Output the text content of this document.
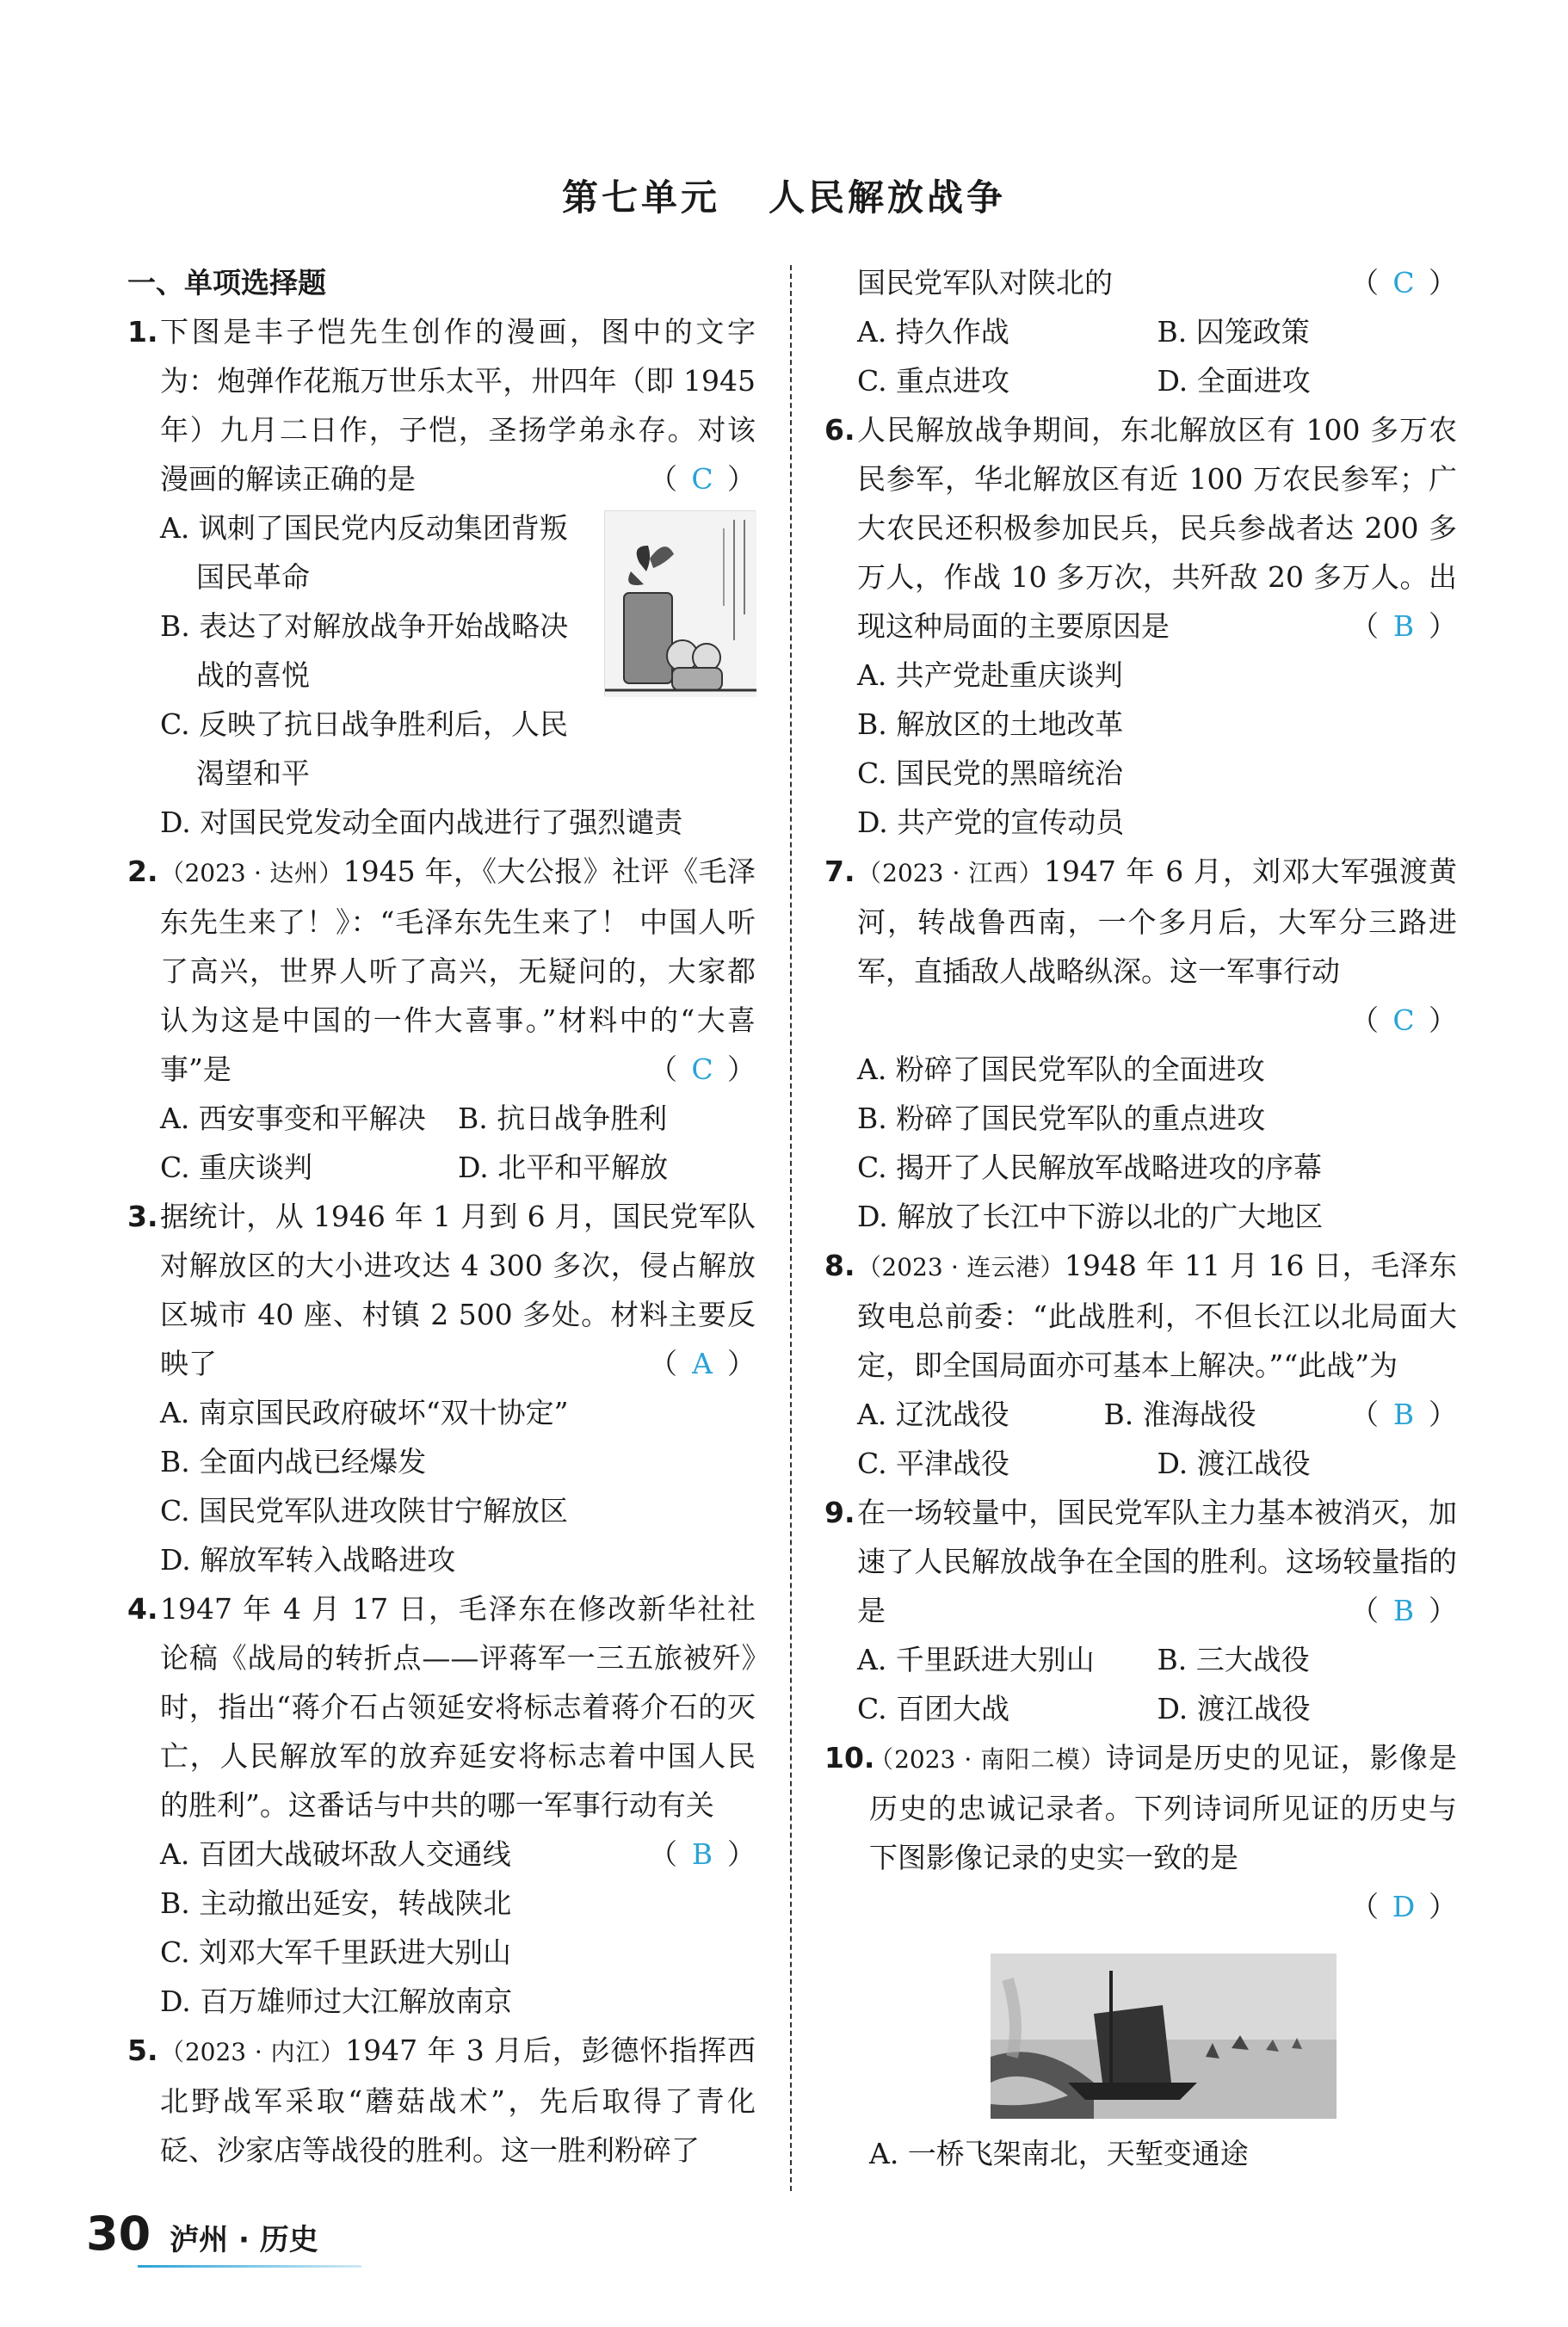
第七单元 人民解放战争
一、单项选择题
1. 下图是丰子恺先生创作的漫画，图中的文字为：炮弹作花瓶万世乐太平，卅四年（即 1945 年）九月二日作，子恺，圣扬学弟永存。对该漫画的解读正确的是	（ C ）
A. 讽刺了国民党内反动集团背叛国民革命
B. 表达了对解放战争开始战略决战的喜悦
C. 反映了抗日战争胜利后，人民渴望和平
D. 对国民党发动全面内战进行了强烈谴责
2. （2023 · 达州）1945 年，《大公报》社评《毛泽东先生来了！》：“毛泽东先生来了！ 中国人听了高兴，世界人听了高兴，无疑问的，大家都认为这是中国的一件大喜事。”材料中的“大喜事”是	（ C ）
A. 西安事变和平解决	B. 抗日战争胜利
C. 重庆谈判	D. 北平和平解放
3. 据统计，从 1946 年 1 月到 6 月，国民党军队对解放区的大小进攻达 4 300 多次，侵占解放区城市 40 座、村镇 2 500 多处。材料主要反映了	（ A ）
A. 南京国民政府破坏“双十协定”
B. 全面内战已经爆发
C. 国民党军队进攻陕甘宁解放区
D. 解放军转入战略进攻
4. 1947 年 4 月 17 日，毛泽东在修改新华社社论稿《战局的转折点——评蒋军一三五旅被歼》时，指出“蒋介石占领延安将标志着蒋介石的灭亡，人民解放军的放弃延安将标志着中国人民的胜利”。这番话与中共的哪一军事行动有关
（ B ）
A. 百团大战破坏敌人交通线
B. 主动撤出延安，转战陕北
C. 刘邓大军千里跃进大别山
D. 百万雄师过大江解放南京
5. （2023 · 内江）1947 年 3 月后，彭德怀指挥西北野战军采取“蘑菇战术”，先后取得了青化砭、沙家店等战役的胜利。这一胜利粉碎了
国民党军队对陕北的	（ C ）
A. 持久作战	B. 囚笼政策
C. 重点进攻	D. 全面进攻
6. 人民解放战争期间，东北解放区有 100 多万农民参军，华北解放区有近 100 万农民参军；广大农民还积极参加民兵，民兵参战者达 200 多万人，作战 10 多万次，共歼敌 20 多万人。出现这种局面的主要原因是	（ B ）
A. 共产党赴重庆谈判
B. 解放区的土地改革
C. 国民党的黑暗统治
D. 共产党的宣传动员
7. （2023 · 江西）1947 年 6 月，刘邓大军强渡黄河，转战鲁西南，一个多月后，大军分三路进军，直插敌人战略纵深。这一军事行动
（ C ）
A. 粉碎了国民党军队的全面进攻
B. 粉碎了国民党军队的重点进攻
C. 揭开了人民解放军战略进攻的序幕
D. 解放了长江中下游以北的广大地区
8. （2023 · 连云港）1948 年 11 月 16 日，毛泽东致电总前委：“此战胜利，不但长江以北局面大定，即全国局面亦可基本上解决。”“此战”为
（ B ）
A. 辽沈战役	B. 淮海战役
C. 平津战役	D. 渡江战役
9. 在一场较量中，国民党军队主力基本被消灭，加速了人民解放战争在全国的胜利。这场较量指的是	（ B ）
A. 千里跃进大别山	B. 三大战役
C. 百团大战	D. 渡江战役
10.
（2023 · 南阳二模）诗词是历史的见证，影像是历史的忠诚记录者。下列诗词所见证的历史与下图影像记录的史实一致的是
（ D ）
A. 一桥飞架南北，天堑变通途
30 泸州 · 历史
